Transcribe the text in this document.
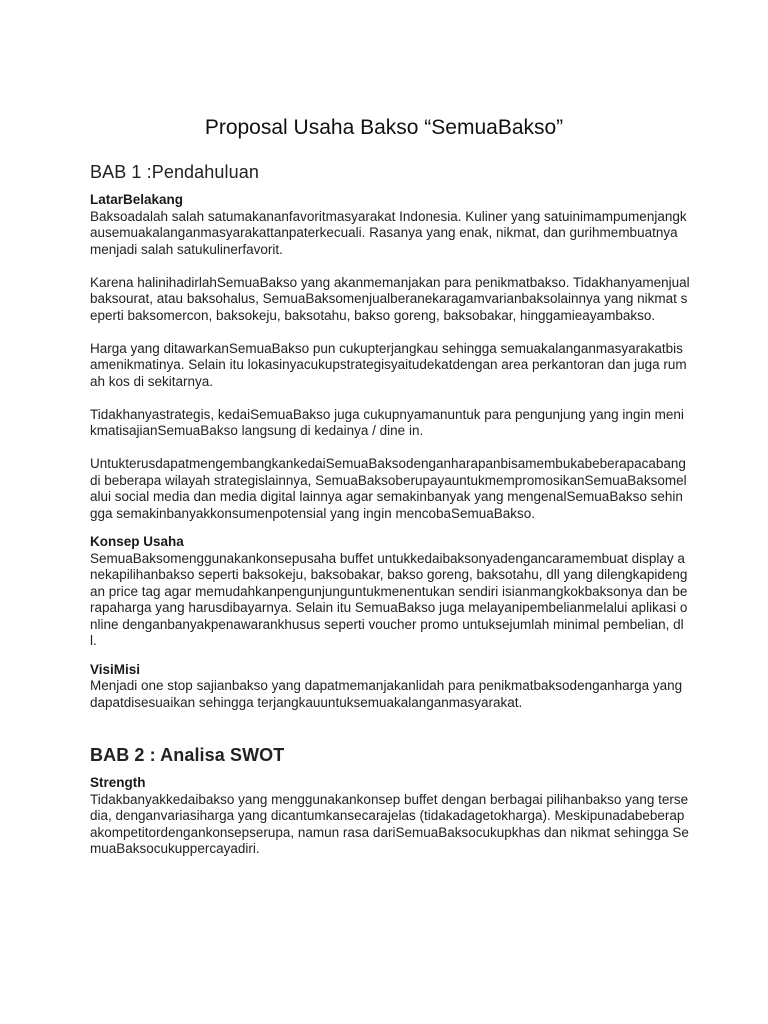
Proposal Usaha Bakso “SemuaBakso”
BAB 1 :Pendahuluan

LatarBelakang

Baksoadalah salah satumakananfavoritmasyarakat Indonesia. Kuliner yang satuinimampumenjangkausemuakalanganmasyarakattanpaterkecuali. Rasanya yang enak, nikmat, dan gurihmembuatnya menjadi salah satukulinerfavorit.

Karena halinihadirlahSemuaBakso yang akanmemanjakan para penikmatbakso. Tidakhanyamenjualbaksourat, atau baksohalus, SemuaBaksomenjualberanekaragamvarianbaksolainnya yang nikmat seperti baksomercon, baksokeju, baksotahu, bakso goreng, baksobakar, hinggamieayambakso.

Harga yang ditawarkanSemuaBakso pun cukupterjangkau sehingga semuakalanganmasyarakatbisamenikmatinya. Selain itu lokasinyacukupstrategisyaitudekatdengan area perkantoran dan juga rumah kos di sekitarnya.

Tidakhanyastrategis, kedaiSemuaBakso juga cukupnyamanuntuk para pengunjung yang ingin menikmatisajianSemuaBakso langsung di kedainya / dine in.

UntukterusdapatmengembangkankedaiSemuaBaksodenganharapanbisamembukabeberapacabang di beberapa wilayah strategislainnya, SemuaBaksoberupayauntukmempromosikanSemuaBaksomelalui social media dan media digital lainnya agar semakinbanyak yang mengenalSemuaBakso sehingga semakinbanyakkonsumenpotensial yang ingin mencobaSemuaBakso.

Konsep Usaha

SemuaBaksomenggunakankonsepusaha buffet untukkedaibaksonyadengancaramembuat display anekapilihanbakso seperti baksokeju, baksobakar, bakso goreng, baksotahu, dll yang dilengkapidengan price tag agar memudahkanpengunjunguntukmenentukan sendiri isianmangkokbaksonya dan berapaharga yang harusdibayarnya. Selain itu SemuaBakso juga melayanipembelianmelalui aplikasi online denganbanyakpenawarankhusus seperti voucher promo untuksejumlah minimal pembelian, dll.

VisiMisi

Menjadi one stop sajianbakso yang dapatmemanjakanlidah para penikmatbaksodenganharga yang dapatdisesuaikan sehingga terjangkauuntuksemuakalanganmasyarakat.

BAB 2 : Analisa SWOT

Strength

Tidakbanyakkedaibakso yang menggunakankonsep buffet dengan berbagai pilihanbakso yang tersedia, denganvariasiharga yang dicantumkansecarajelas (tidakadagetokharga). Meskipunadabeberapakompetitordengankonsepserupa, namun rasa dariSemuaBaksocukupkhas dan nikmat sehingga SemuaBaksocukuppercayadiri.
